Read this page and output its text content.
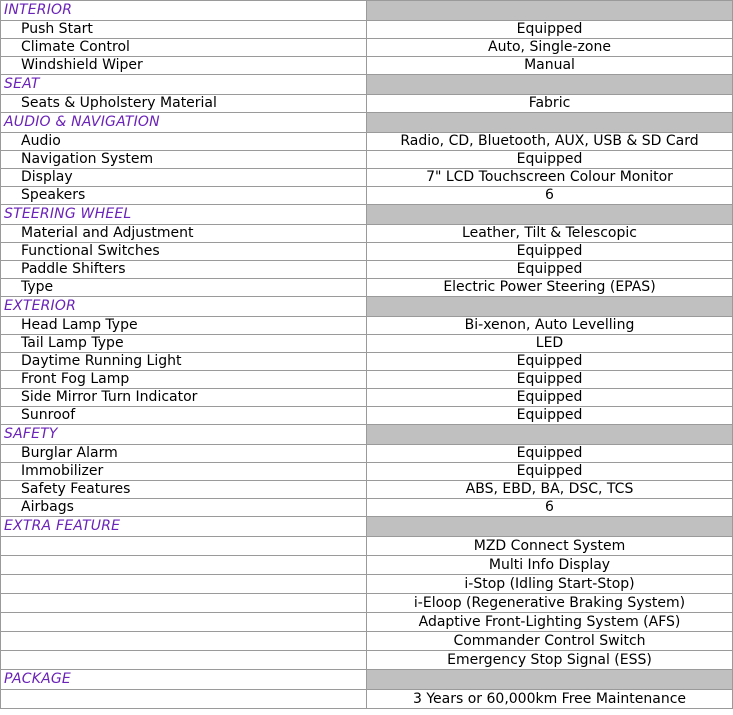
INTERIOR	
Push Start	Equipped
Climate Control	Auto, Single-zone
Windshield Wiper	Manual
SEAT	
Seats & Upholstery Material	Fabric
AUDIO & NAVIGATION	
Audio	Radio, CD, Bluetooth, AUX, USB & SD Card
Navigation System	Equipped
Display	7" LCD Touchscreen Colour Monitor
Speakers	6
STEERING WHEEL	
Material and Adjustment	Leather, Tilt & Telescopic
Functional Switches	Equipped
Paddle Shifters	Equipped
Type	Electric Power Steering (EPAS)
EXTERIOR	
Head Lamp Type	Bi-xenon, Auto Levelling
Tail Lamp Type	LED
Daytime Running Light	Equipped
Front Fog Lamp	Equipped
Side Mirror Turn Indicator	Equipped
Sunroof	Equipped
SAFETY	
Burglar Alarm	Equipped
Immobilizer	Equipped
Safety Features	ABS, EBD, BA, DSC, TCS
Airbags	6
EXTRA FEATURE	
	MZD Connect System
	Multi Info Display
	i-Stop (Idling Start-Stop)
	i-Eloop (Regenerative Braking System)
	Adaptive Front-Lighting System (AFS)
	Commander Control Switch
	Emergency Stop Signal (ESS)
PACKAGE	
	3 Years or 60,000km Free Maintenance
